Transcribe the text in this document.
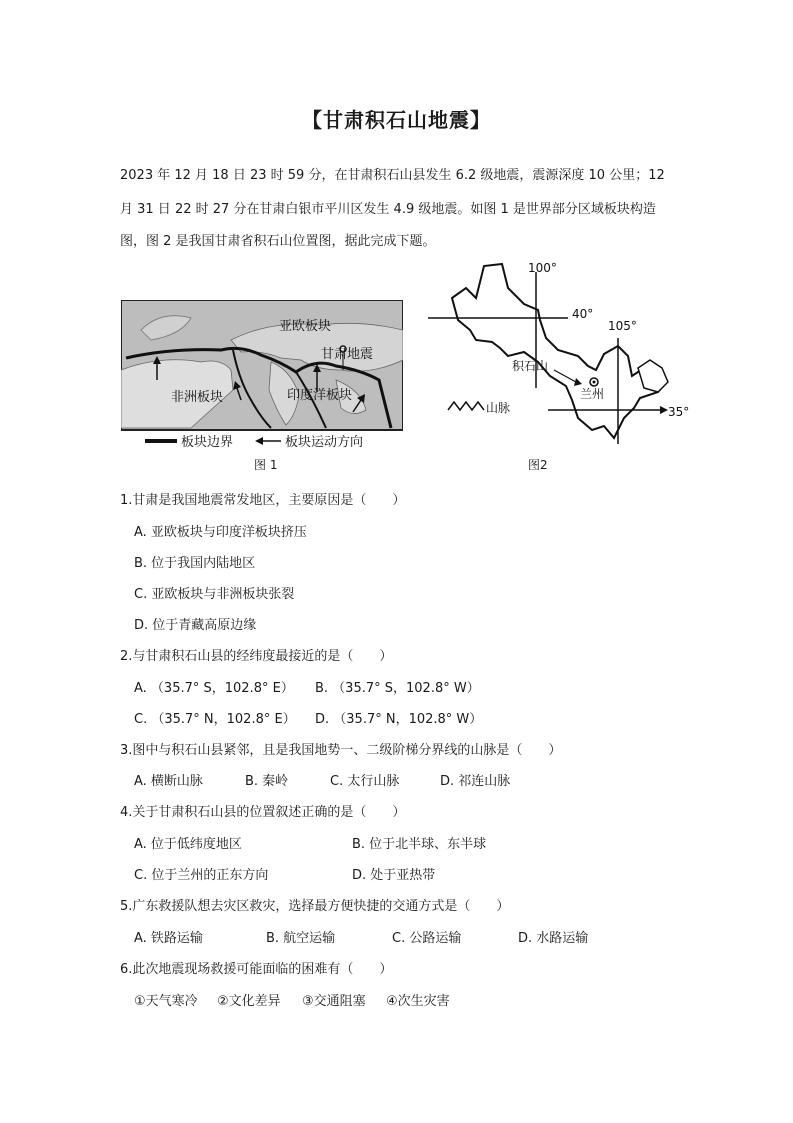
【甘肃积石山地震】
2023 年 12 月 18 日 23 时 59 分，在甘肃积石山县发生 6.2 级地震，震源深度 10 公里；12
月 31 日 22 时 27 分在甘肃白银市平川区发生 4.9 级地震。如图 1 是世界部分区域板块构造
图，图 2 是我国甘肃省积石山位置图，据此完成下题。
亚欧板块
甘肃地震
非洲板块	印度洋板块
板块边界	板块运动方向
图 1
100°
40°
105°
35°
积石山
兰州
山脉
图2
1.甘肃是我国地震常发地区，主要原因是（　　）
A. 亚欧板块与印度洋板块挤压
B. 位于我国内陆地区
C. 亚欧板块与非洲板块张裂
D. 位于青藏高原边缘
2.与甘肃积石山县的经纬度最接近的是（　　）
A. （35.7° S，102.8° E） B. （35.7° S，102.8° W）
C. （35.7° N，102.8° E） D. （35.7° N，102.8° W）
3.图中与积石山县紧邻，且是我国地势一、二级阶梯分界线的山脉是（　　）
A. 横断山脉	B. 秦岭	C. 太行山脉	D. 祁连山脉
4.关于甘肃积石山县的位置叙述正确的是（　　）
A. 位于低纬度地区	B. 位于北半球、东半球
C. 位于兰州的正东方向	D. 处于亚热带
5.广东救援队想去灾区救灾，选择最方便快捷的交通方式是（　　）
A. 铁路运输	B. 航空运输	C. 公路运输	D. 水路运输
6.此次地震现场救援可能面临的困难有（　　）
①天气寒冷 ②文化差异 ③交通阻塞 ④次生灾害
